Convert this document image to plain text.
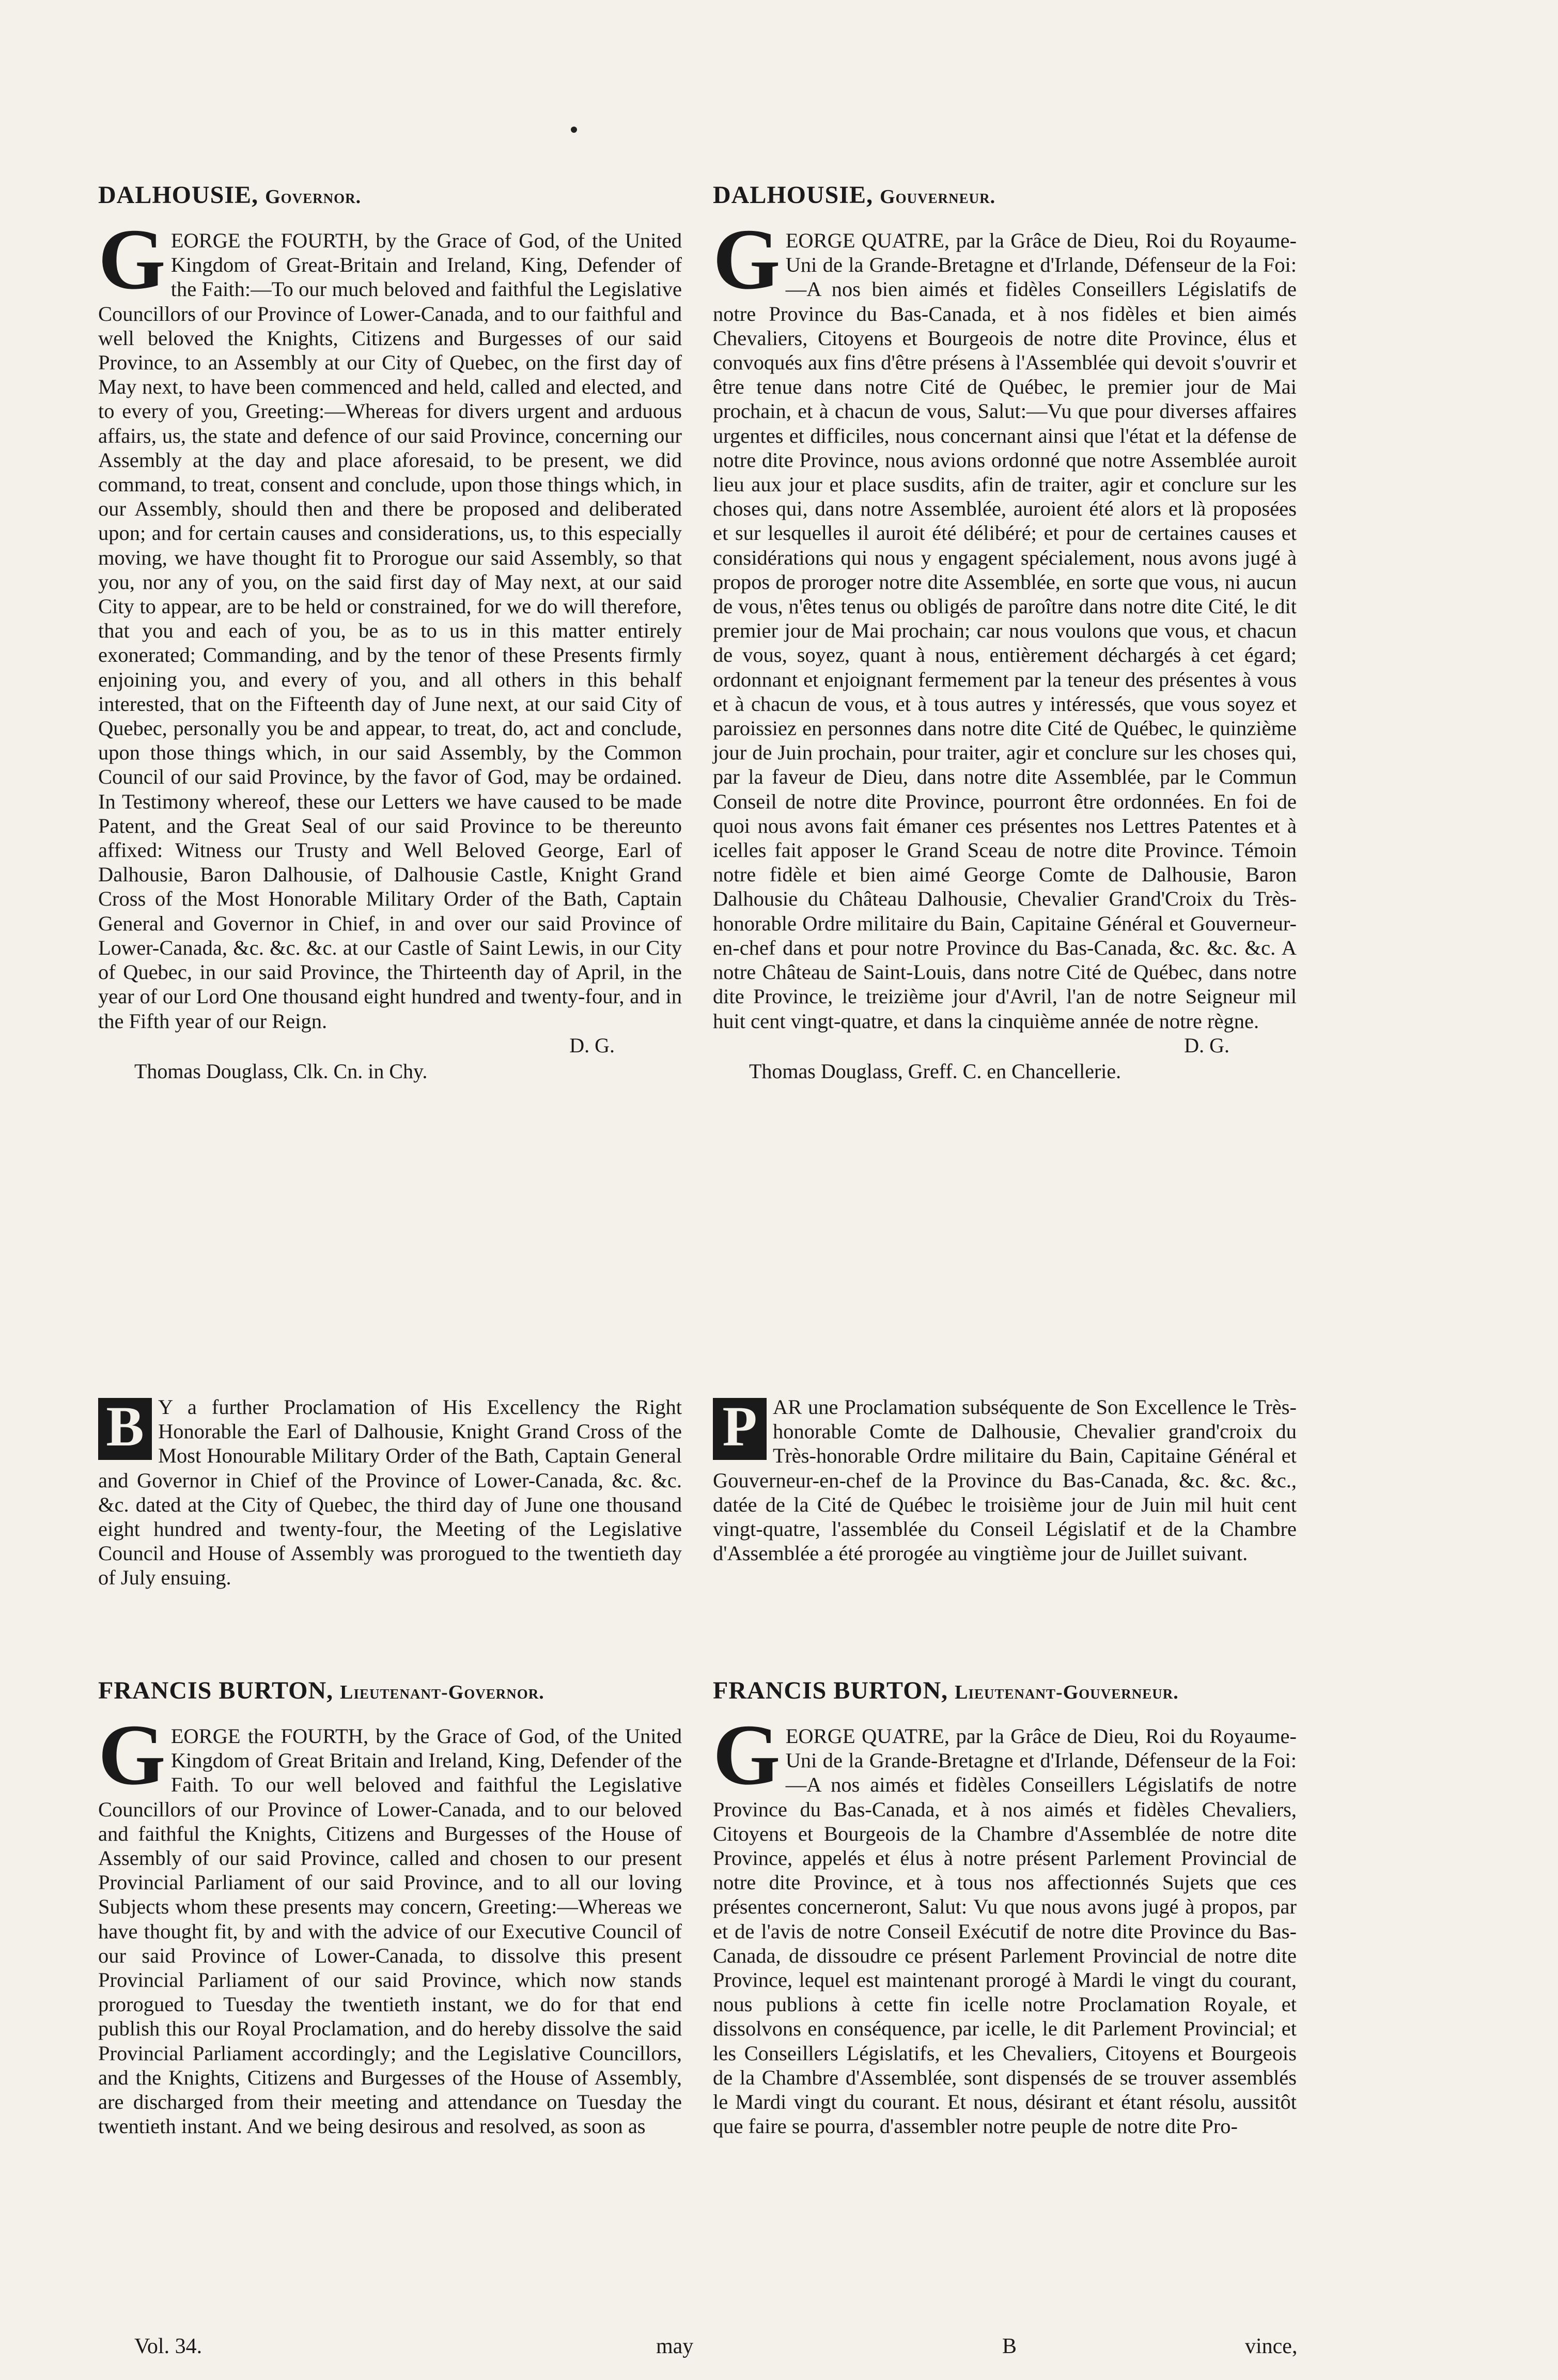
DALHOUSIE, Governor.

GEORGE the FOURTH, by the Grace of God, of the United Kingdom of Great-Britain and Ireland, King, Defender of the Faith:—To our much beloved and faithful the Legislative Councillors of our Province of Lower-Canada, and to our faithful and well beloved the Knights, Citizens and Burgesses of our said Province, to an Assembly at our City of Quebec, on the first day of May next, to have been commenced and held, called and elected, and to every of you, Greeting:—Whereas for divers urgent and arduous affairs, us, the state and defence of our said Province, concerning our Assembly at the day and place aforesaid, to be present, we did command, to treat, consent and conclude, upon those things which, in our Assembly, should then and there be proposed and deliberated upon; and for certain causes and considerations, us, to this especially moving, we have thought fit to Prorogue our said Assembly, so that you, nor any of you, on the said first day of May next, at our said City to appear, are to be held or constrained, for we do will therefore, that you and each of you, be as to us in this matter entirely exonerated; Commanding, and by the tenor of these Presents firmly enjoining you, and every of you, and all others in this behalf interested, that on the Fifteenth day of June next, at our said City of Quebec, personally you be and appear, to treat, do, act and conclude, upon those things which, in our said Assembly, by the Common Council of our said Province, by the favor of God, may be ordained. In Testimony whereof, these our Letters we have caused to be made Patent, and the Great Seal of our said Province to be thereunto affixed: Witness our Trusty and Well Beloved George, Earl of Dalhousie, Baron Dalhousie, of Dalhousie Castle, Knight Grand Cross of the Most Honorable Military Order of the Bath, Captain General and Governor in Chief, in and over our said Province of Lower-Canada, &c. &c. &c. at our Castle of Saint Lewis, in our City of Quebec, in our said Province, the Thirteenth day of April, in the year of our Lord One thousand eight hundred and twenty-four, and in the Fifth year of our Reign.

D. G.

Thomas Douglass, Clk. Cn. in Chy.

DALHOUSIE, Gouverneur.

GEORGE QUATRE, par la Grâce de Dieu, Roi du Royaume-Uni de la Grande-Bretagne et d'Irlande, Défenseur de la Foi:—A nos bien aimés et fidèles Conseillers Législatifs de notre Province du Bas-Canada, et à nos fidèles et bien aimés Chevaliers, Citoyens et Bourgeois de notre dite Province, élus et convoqués aux fins d'être présens à l'Assemblée qui devoit s'ouvrir et être tenue dans notre Cité de Québec, le premier jour de Mai prochain, et à chacun de vous, Salut:—Vu que pour diverses affaires urgentes et difficiles, nous concernant ainsi que l'état et la défense de notre dite Province, nous avions ordonné que notre Assemblée auroit lieu aux jour et place susdits, afin de traiter, agir et conclure sur les choses qui, dans notre Assemblée, auroient été alors et là proposées et sur lesquelles il auroit été délibéré; et pour de certaines causes et considérations qui nous y engagent spécialement, nous avons jugé à propos de proroger notre dite Assemblée, en sorte que vous, ni aucun de vous, n'êtes tenus ou obligés de paroître dans notre dite Cité, le dit premier jour de Mai prochain; car nous voulons que vous, et chacun de vous, soyez, quant à nous, entièrement déchargés à cet égard; ordonnant et enjoignant fermement par la teneur des présentes à vous et à chacun de vous, et à tous autres y intéressés, que vous soyez et paroissiez en personnes dans notre dite Cité de Québec, le quinzième jour de Juin prochain, pour traiter, agir et conclure sur les choses qui, par la faveur de Dieu, dans notre dite Assemblée, par le Commun Conseil de notre dite Province, pourront être ordonnées. En foi de quoi nous avons fait émaner ces présentes nos Lettres Patentes et à icelles fait apposer le Grand Sceau de notre dite Province. Témoin notre fidèle et bien aimé George Comte de Dalhousie, Baron Dalhousie du Château Dalhousie, Chevalier Grand'Croix du Très-honorable Ordre militaire du Bain, Capitaine Général et Gouverneur-en-chef dans et pour notre Province du Bas-Canada, &c. &c. &c. A notre Château de Saint-Louis, dans notre Cité de Québec, dans notre dite Province, le treizième jour d'Avril, l'an de notre Seigneur mil huit cent vingt-quatre, et dans la cinquième année de notre règne.

D. G.

Thomas Douglass, Greff. C. en Chancellerie.

B Y a further Proclamation of His Excellency the Right Honorable the Earl of Dalhousie, Knight Grand Cross of the Most Honourable Military Order of the Bath, Captain General and Governor in Chief of the Province of Lower-Canada, &c. &c. &c. dated at the City of Quebec, the third day of June one thousand eight hundred and twenty-four, the Meeting of the Legislative Council and House of Assembly was prorogued to the twentieth day of July ensuing.

P AR une Proclamation subséquente de Son Excellence le Très-honorable Comte de Dalhousie, Chevalier grand'croix du Très-honorable Ordre militaire du Bain, Capitaine Général et Gouverneur-en-chef de la Province du Bas-Canada, &c. &c. &c., datée de la Cité de Québec le troisième jour de Juin mil huit cent vingt-quatre, l'assemblée du Conseil Législatif et de la Chambre d'Assemblée a été prorogée au vingtième jour de Juillet suivant.

FRANCIS BURTON, Lieutenant-Governor.

GEORGE the FOURTH, by the Grace of God, of the United Kingdom of Great Britain and Ireland, King, Defender of the Faith. To our well beloved and faithful the Legislative Councillors of our Province of Lower-Canada, and to our beloved and faithful the Knights, Citizens and Burgesses of the House of Assembly of our said Province, called and chosen to our present Provincial Parliament of our said Province, and to all our loving Subjects whom these presents may concern, Greeting:—Whereas we have thought fit, by and with the advice of our Executive Council of our said Province of Lower-Canada, to dissolve this present Provincial Parliament of our said Province, which now stands prorogued to Tuesday the twentieth instant, we do for that end publish this our Royal Proclamation, and do hereby dissolve the said Provincial Parliament accordingly; and the Legislative Councillors, and the Knights, Citizens and Burgesses of the House of Assembly, are discharged from their meeting and attendance on Tuesday the twentieth instant. And we being desirous and resolved, as soon as

FRANCIS BURTON, Lieutenant-Gouverneur.

GEORGE QUATRE, par la Grâce de Dieu, Roi du Royaume-Uni de la Grande-Bretagne et d'Irlande, Défenseur de la Foi:—A nos aimés et fidèles Conseillers Législatifs de notre Province du Bas-Canada, et à nos aimés et fidèles Chevaliers, Citoyens et Bourgeois de la Chambre d'Assemblée de notre dite Province, appelés et élus à notre présent Parlement Provincial de notre dite Province, et à tous nos affectionnés Sujets que ces présentes concerneront, Salut: Vu que nous avons jugé à propos, par et de l'avis de notre Conseil Exécutif de notre dite Province du Bas-Canada, de dissoudre ce présent Parlement Provincial de notre dite Province, lequel est maintenant prorogé à Mardi le vingt du courant, nous publions à cette fin icelle notre Proclamation Royale, et dissolvons en conséquence, par icelle, le dit Parlement Provincial; et les Conseillers Législatifs, et les Chevaliers, Citoyens et Bourgeois de la Chambre d'Assemblée, sont dispensés de se trouver assemblés le Mardi vingt du courant. Et nous, désirant et étant résolu, aussitôt que faire se pourra, d'assembler notre peuple de notre dite Pro-

Vol. 34.	may	B	vince,
